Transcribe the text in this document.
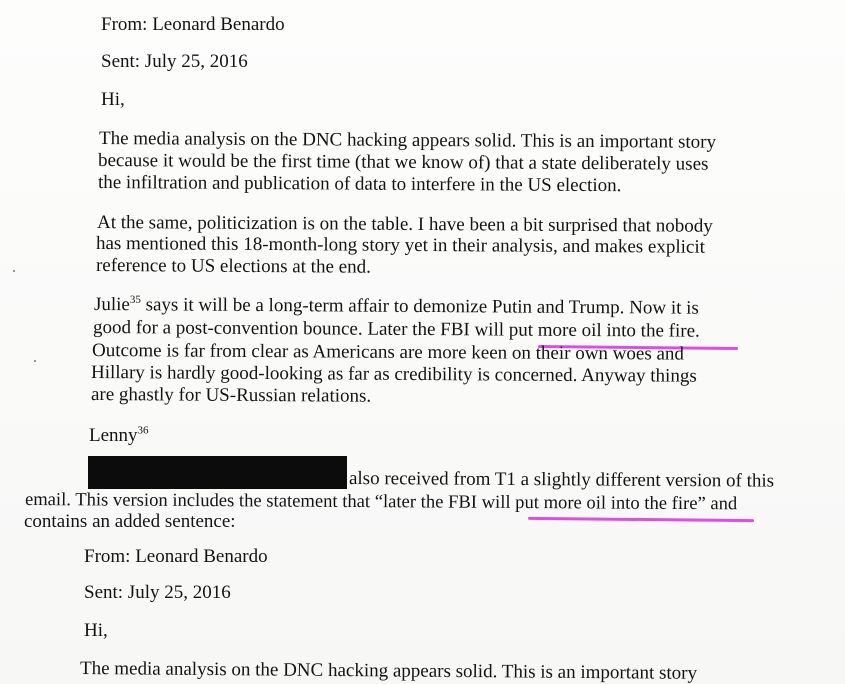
From: Leonard Benardo
Sent: July 25, 2016
Hi,
The media analysis on the DNC hacking appears solid. This is an important story
because it would be the first time (that we know of) that a state deliberately uses
the infiltration and publication of data to interfere in the US election.
At the same, politicization is on the table. I have been a bit surprised that nobody
has mentioned this 18-month-long story yet in their analysis, and makes explicit
reference to US elections at the end.
Julie$^{35}$ says it will be a long-term affair to demonize Putin and Trump. Now it is
good for a post-convention bounce. Later the FBI will put more oil into the fire.
Outcome is far from clear as Americans are more keen on their own woes and
Hillary is hardly good-looking as far as credibility is concerned. Anyway things
are ghastly for US-Russian relations.
Lenny$^{36}$
also received from T1 a slightly different version of this
email. This version includes the statement that “later the FBI will put more oil into the fire” and
contains an added sentence:
From: Leonard Benardo
Sent: July 25, 2016
Hi,
The media analysis on the DNC hacking appears solid. This is an important story
